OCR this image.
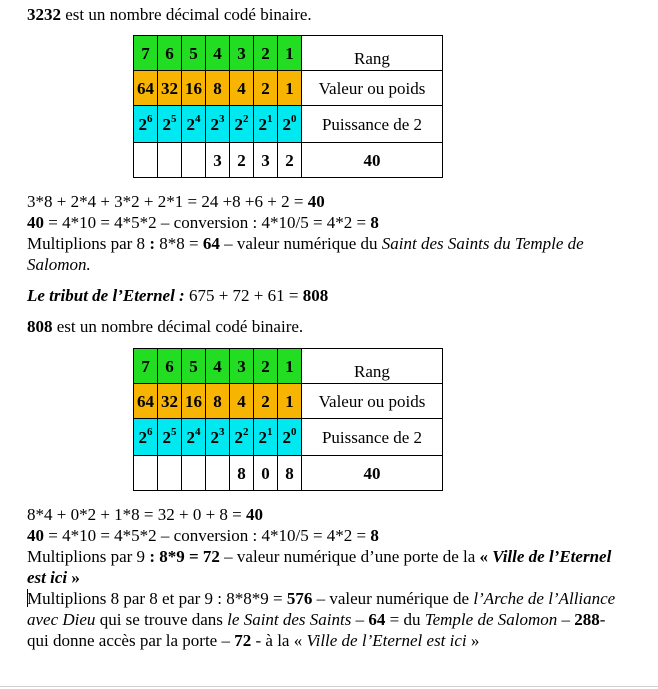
3232 est un nombre décimal codé binaire.
7	6	5	4	3	2	1	Rang
64	32	16	8	4	2	1	Valeur ou poids
$2^6$	$2^5$	$2^4$	$2^3$	$2^2$	$2^1$	$2^0$	Puissance de 2
			3	2	3	2	40
3*8 + 2*4 + 3*2 + 2*1 = 24 +8 +6 + 2 = 40
40 = 4*10 = 4*5*2 – conversion : 4*10/5 = 4*2 = 8
Multiplions par 8 : 8*8 = 64 – valeur numérique du Saint des Saints du Temple de Salomon.
Le tribut de l’Eternel : 675 + 72 + 61 = 808
808 est un nombre décimal codé binaire.
7	6	5	4	3	2	1	Rang
64	32	16	8	4	2	1	Valeur ou poids
$2^6$	$2^5$	$2^4$	$2^3$	$2^2$	$2^1$	$2^0$	Puissance de 2
				8	0	8	40
8*4 + 0*2 + 1*8 = 32 + 0 + 8 = 40
40 = 4*10 = 4*5*2 – conversion : 4*10/5 = 4*2 = 8
Multiplions par 9 : 8*9 = 72 – valeur numérique d’une porte de la « Ville de l’Eternel est ici »
Multiplions 8 par 8 et par 9 : 8*8*9 = 576 – valeur numérique de l’Arche de l’Alliance avec Dieu qui se trouve dans le Saint des Saints – 64 = du Temple de Salomon – 288- qui donne accès par la porte – 72 - à la « Ville de l’Eternel est ici »
